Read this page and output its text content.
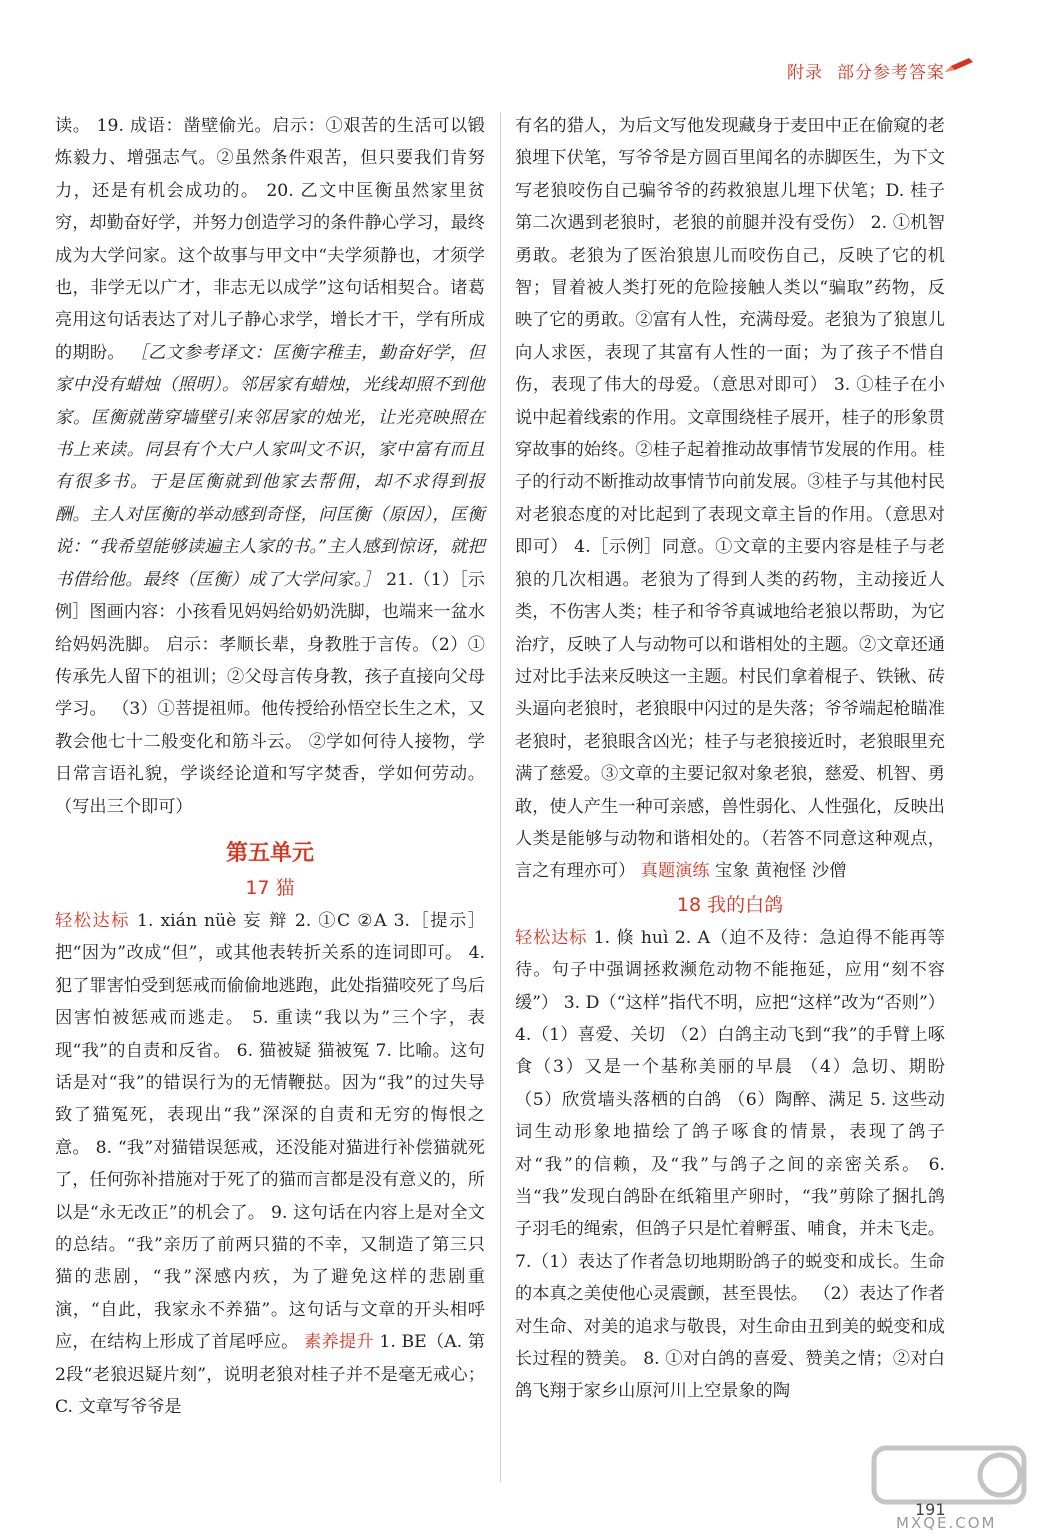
附录 部分参考答案

读。 19. 成语：凿壁偷光。启示：①艰苦的生活可以锻炼毅力、增强志气。②虽然条件艰苦，但只要我们肯努力，还是有机会成功的。 20. 乙文中匡衡虽然家里贫穷，却勤奋好学，并努力创造学习的条件静心学习，最终成为大学问家。这个故事与甲文中“夫学须静也，才须学也，非学无以广才，非志无以成学”这句话相契合。诸葛亮用这句话表达了对儿子静心求学，增长才干，学有所成的期盼。 ［乙文参考译文：匡衡字稚圭，勤奋好学，但家中没有蜡烛（照明）。邻居家有蜡烛，光线却照不到他家。匡衡就凿穿墙壁引来邻居家的烛光，让光亮映照在书上来读。同县有个大户人家叫文不识，家中富有而且有很多书。于是匡衡就到他家去帮佣，却不求得到报酬。主人对匡衡的举动感到奇怪，问匡衡（原因），匡衡说：“我希望能够读遍主人家的书。”主人感到惊讶，就把书借给他。最终（匡衡）成了大学问家。］ 21.（1）［示例］图画内容：小孩看见妈妈给奶奶洗脚，也端来一盆水给妈妈洗脚。 启示：孝顺长辈，身教胜于言传。（2）①传承先人留下的祖训；②父母言传身教，孩子直接向父母学习。 （3）①菩提祖师。他传授给孙悟空长生之术，又教会他七十二般变化和筋斗云。 ②学如何待人接物，学日常言语礼貌，学谈经论道和写字焚香，学如何劳动。（写出三个即可）

第五单元
17 猫

轻松达标 1. xián nüè 妄 辩 2. ①C ②A 3.［提示］把“因为”改成“但”，或其他表转折关系的连词即可。 4. 犯了罪害怕受到惩戒而偷偷地逃跑，此处指猫咬死了鸟后因害怕被惩戒而逃走。 5. 重读“我以为”三个字，表现“我”的自责和反省。 6. 猫被疑 猫被冤 7. 比喻。这句话是对“我”的错误行为的无情鞭挞。因为“我”的过失导致了猫冤死，表现出“我”深深的自责和无穷的悔恨之意。 8. “我”对猫错误惩戒，还没能对猫进行补偿猫就死了，任何弥补措施对于死了的猫而言都是没有意义的，所以是“永无改正”的机会了。 9. 这句话在内容上是对全文的总结。“我”亲历了前两只猫的不幸，又制造了第三只猫的悲剧，“我”深感内疚，为了避免这样的悲剧重演，“自此，我家永不养猫”。这句话与文章的开头相呼应，在结构上形成了首尾呼应。 素养提升 1. BE（A. 第2段“老狼迟疑片刻”，说明老狼对桂子并不是毫无戒心；C. 文章写爷爷是

有名的猎人，为后文写他发现藏身于麦田中正在偷窥的老狼埋下伏笔，写爷爷是方圆百里闻名的赤脚医生，为下文写老狼咬伤自己骗爷爷的药救狼崽儿埋下伏笔；D. 桂子第二次遇到老狼时，老狼的前腿并没有受伤） 2. ①机智勇敢。老狼为了医治狼崽儿而咬伤自己，反映了它的机智；冒着被人类打死的危险接触人类以“骗取”药物，反映了它的勇敢。②富有人性，充满母爱。老狼为了狼崽儿向人求医，表现了其富有人性的一面；为了孩子不惜自伤，表现了伟大的母爱。（意思对即可） 3. ①桂子在小说中起着线索的作用。文章围绕桂子展开，桂子的形象贯穿故事的始终。②桂子起着推动故事情节发展的作用。桂子的行动不断推动故事情节向前发展。③桂子与其他村民对老狼态度的对比起到了表现文章主旨的作用。（意思对即可） 4.［示例］同意。①文章的主要内容是桂子与老狼的几次相遇。老狼为了得到人类的药物，主动接近人类，不伤害人类；桂子和爷爷真诚地给老狼以帮助，为它治疗，反映了人与动物可以和谐相处的主题。②文章还通过对比手法来反映这一主题。村民们拿着棍子、铁锹、砖头逼向老狼时，老狼眼中闪过的是失落；爷爷端起枪瞄准老狼时，老狼眼含凶光；桂子与老狼接近时，老狼眼里充满了慈爱。③文章的主要记叙对象老狼，慈爱、机智、勇敢，使人产生一种可亲感，兽性弱化、人性强化，反映出人类是能够与动物和谐相处的。（若答不同意这种观点，言之有理亦可） 真题演练 宝象 黄袍怪 沙僧

18 我的白鸽

轻松达标 1. 倏 huì 2. A（迫不及待：急迫得不能再等待。句子中强调拯救濒危动物不能拖延，应用“刻不容缓”） 3. D（“这样”指代不明，应把“这样”改为“否则”） 4.（1）喜爱、关切 （2）白鸽主动飞到“我”的手臂上啄食（3）又是一个基称美丽的早晨 （4）急切、期盼 （5）欣赏墙头落栖的白鸽 （6）陶醉、满足 5. 这些动词生动形象地描绘了鸽子啄食的情景，表现了鸽子对“我”的信赖，及“我”与鸽子之间的亲密关系。 6. 当“我”发现白鸽卧在纸箱里产卵时，“我”剪除了捆扎鸽子羽毛的绳索，但鸽子只是忙着孵蛋、哺食，并未飞走。 7.（1）表达了作者急切地期盼鸽子的蜕变和成长。生命的本真之美使他心灵震颤，甚至畏怯。 （2）表达了作者对生命、对美的追求与敬畏，对生命由丑到美的蜕变和成长过程的赞美。 8. ①对白鸽的喜爱、赞美之情；②对白鸽飞翔于家乡山原河川上空景象的陶

MXQE.COM
191
